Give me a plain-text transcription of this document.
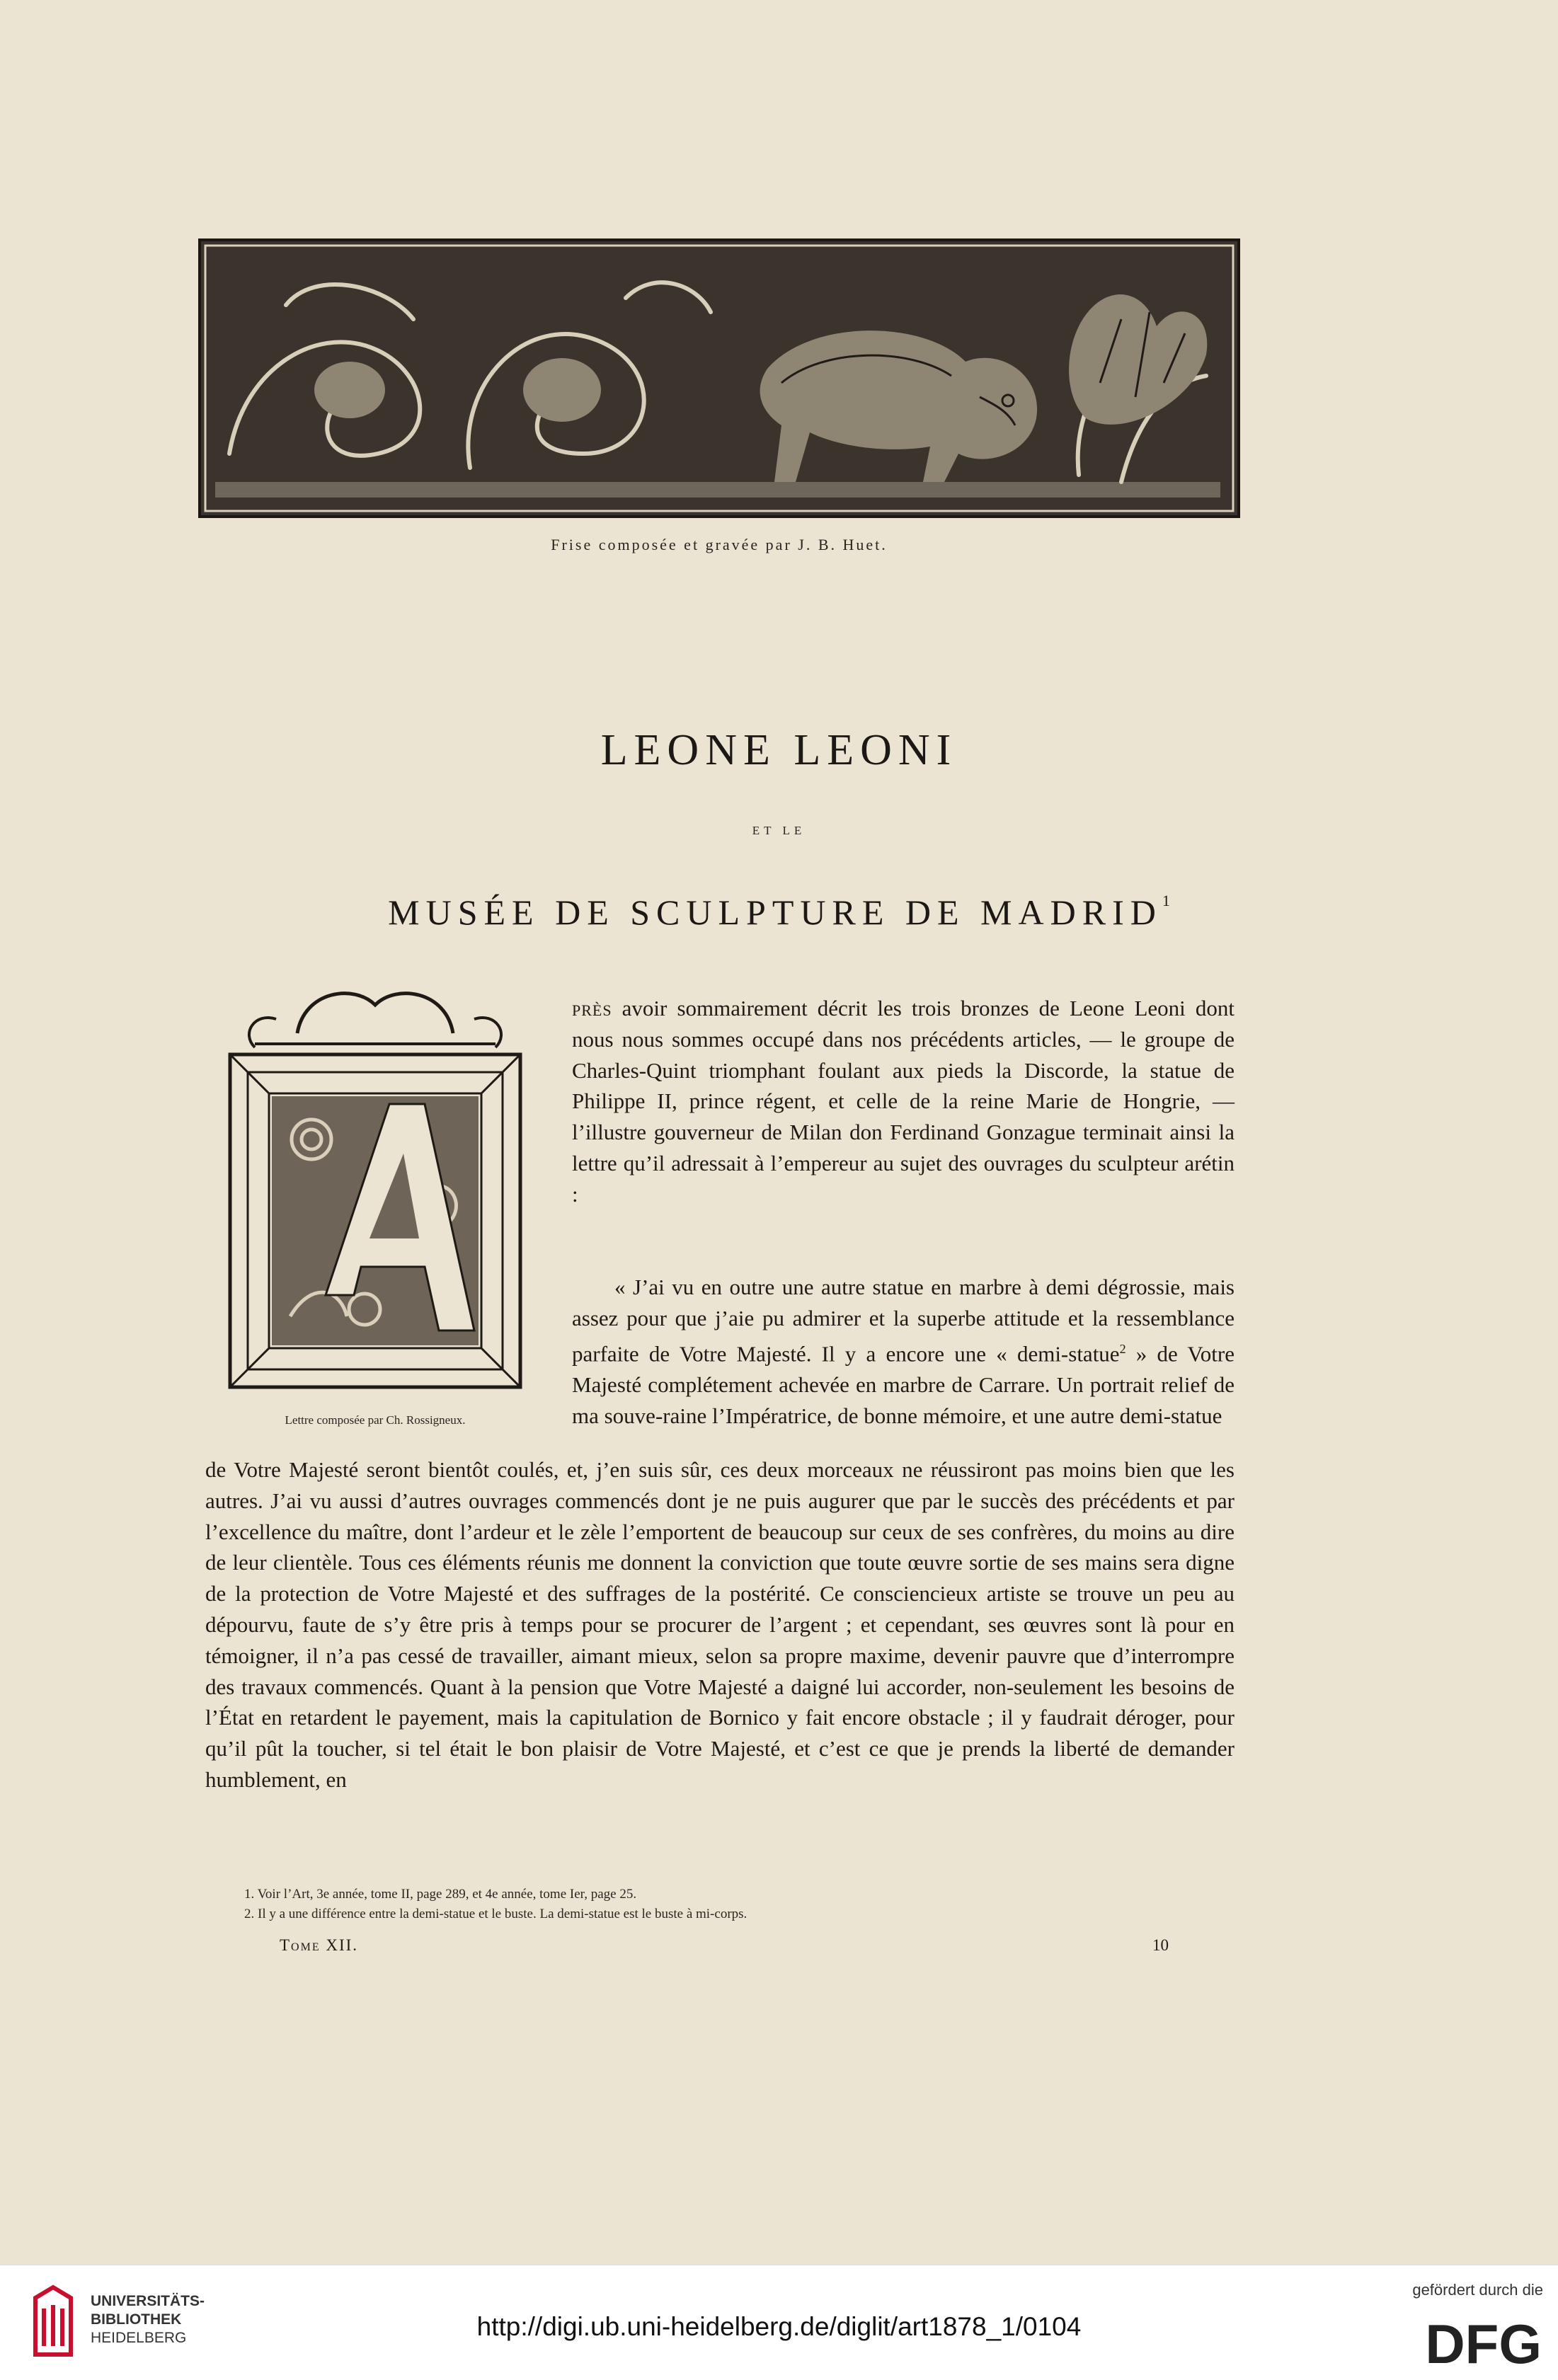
Frise composée et gravée par J. B. Huet.
LEONE LEONI
ET LE
MUSÉE DE SCULPTURE DE MADRID$^1$
Lettre composée par Ch. Rossigneux.

près avoir sommairement décrit les trois bronzes de Leone Leoni dont nous nous sommes occupé dans nos précédents articles, — le groupe de Charles-Quint triomphant foulant aux pieds la Discorde, la statue de Philippe II, prince régent, et celle de la reine Marie de Hongrie, — l’illustre gouverneur de Milan don Ferdinand Gonzague terminait ainsi la lettre qu’il adressait à l’empereur au sujet des ouvrages du sculpteur arétin :

« J’ai vu en outre une autre statue en marbre à demi dégrossie, mais assez pour que j’aie pu admirer et la superbe attitude et la ressemblance parfaite de Votre Majesté. Il y a encore une « demi-statue$^2$ » de Votre Majesté complétement achevée en marbre de Carrare. Un portrait relief de ma souve-raine l’Impératrice, de bonne mémoire, et une autre demi-statue

de Votre Majesté seront bientôt coulés, et, j’en suis sûr, ces deux morceaux ne réussiront pas moins bien que les autres. J’ai vu aussi d’autres ouvrages commencés dont je ne puis augurer que par le succès des précédents et par l’excellence du maître, dont l’ardeur et le zèle l’emportent de beaucoup sur ceux de ses confrères, du moins au dire de leur clientèle. Tous ces éléments réunis me donnent la conviction que toute œuvre sortie de ses mains sera digne de la protection de Votre Majesté et des suffrages de la postérité. Ce consciencieux artiste se trouve un peu au dépourvu, faute de s’y être pris à temps pour se procurer de l’argent ; et cependant, ses œuvres sont là pour en témoigner, il n’a pas cessé de travailler, aimant mieux, selon sa propre maxime, devenir pauvre que d’interrompre des travaux commencés. Quant à la pension que Votre Majesté a daigné lui accorder, non-seulement les besoins de l’État en retardent le payement, mais la capitulation de Bornico y fait encore obstacle ; il y faudrait déroger, pour qu’il pût la toucher, si tel était le bon plaisir de Votre Majesté, et c’est ce que je prends la liberté de demander humblement, en

1. Voir l’Art, 3e année, tome II, page 289, et 4e année, tome Ier, page 25.

2. Il y a une différence entre la demi-statue et le buste. La demi-statue est le buste à mi-corps.

Tome XII.	10
UNIVERSITÄTS-
BIBLIOTHEK
HEIDELBERG	http://digi.ub.uni-heidelberg.de/diglit/art1878_1/0104
gefördert durch die
DFG
